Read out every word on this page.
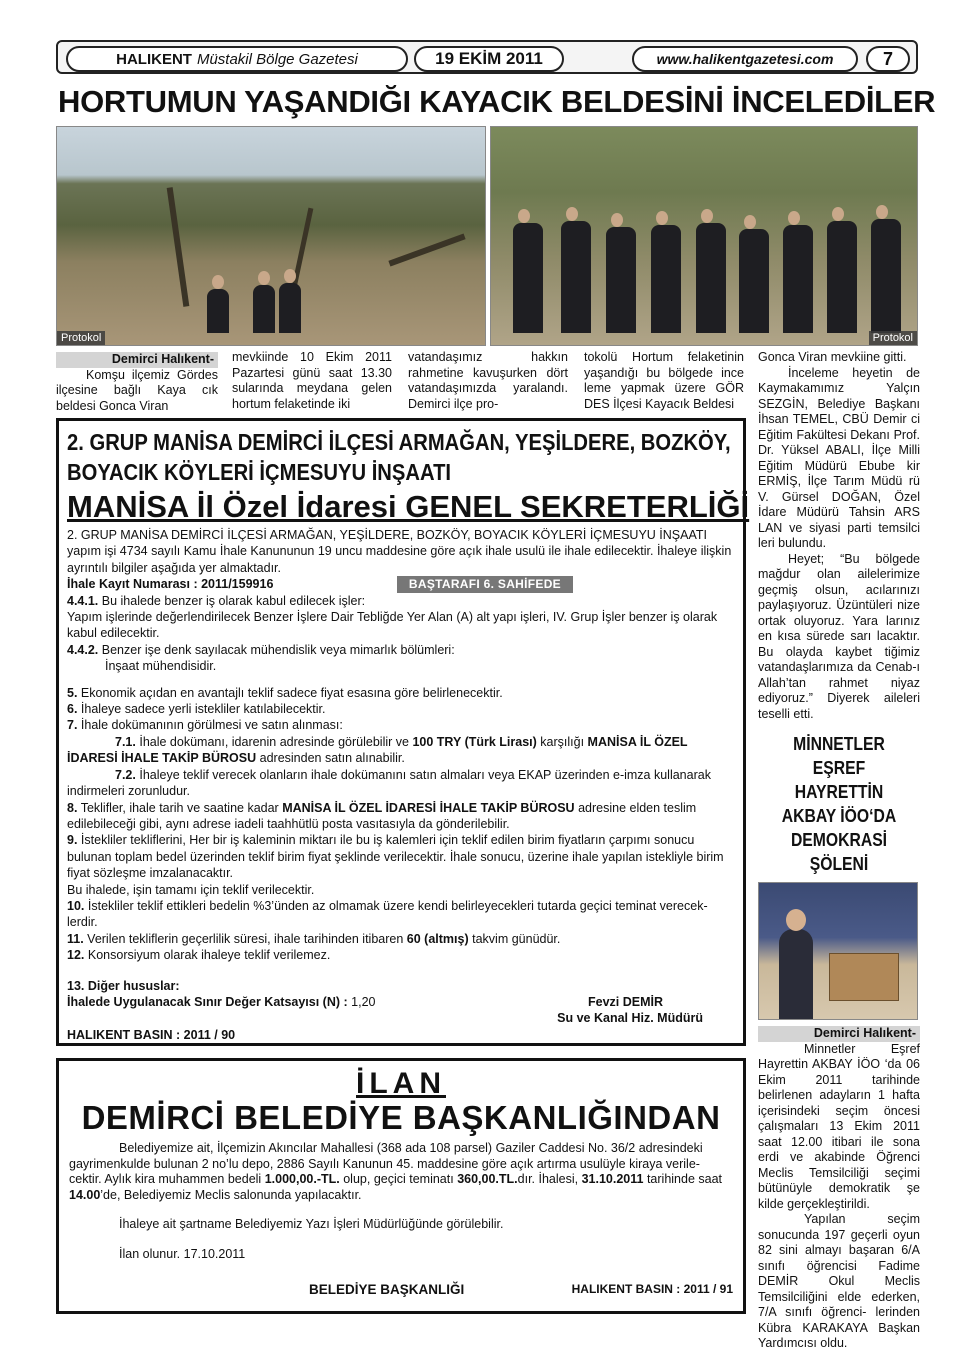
HALIKENT Müstakil Bölge Gazetesi	19 EKİM 2011	www.halikentgazetesi.com	7
HORTUMUN YAŞANDIĞI KAYACIK BELDESİNİ İNCELEDİLER
Protokol	Protokol
Demirci Halıkent-

Komşu ilçemiz Gördes ilçesine bağlı Kaya cık beldesi Gonca Viran

mevkiinde 10 Ekim 2011 Pazartesi günü saat 13.30 sularında meydana gelen hortum felaketinde iki

vatandaşımız hakkın rahmetine kavuşurken dört vatandaşımızda yaralandı. Demirci ilçe pro-

tokolü Hortum felaketinin yaşandığı bu bölgede ince leme yapmak üzere GÖR DES İlçesi Kayacık Beldesi

2. GRUP MANİSA DEMİRCİ İLÇESİ ARMAĞAN, YEŞİLDERE, BOZKÖY,
BOYACIK KÖYLERİ İÇMESUYU İNŞAATI
MANİSA İl Özel İdaresi GENEL SEKRETERLİĞİ

2. GRUP MANİSA DEMİRCİ İLÇESİ ARMAĞAN, YEŞİLDERE, BOZKÖY, BOYACIK KÖYLERİ İÇMESUYU İNŞAATI yapım işi 4734 sayılı Kamu İhale Kanununun 19 uncu maddesine göre açık ihale usulü ile ihale edilecektir. İhaleye ilişkin ayrıntılı bilgiler aşağıda yer almaktadır.

İhale Kayıt Numarası : 2011/159916	BAŞTARAFI 6. SAHİFEDE

4.4.1. Bu ihalede benzer iş olarak kabul edilecek işler:

Yapım işlerinde değerlendirilecek Benzer İşlere Dair Tebliğde Yer Alan (A) alt yapı işleri, IV. Grup İşler benzer iş olarak kabul edilecektir.

4.4.2. Benzer işe denk sayılacak mühendislik veya mimarlık bölümleri:

İnşaat mühendisidir.

5. Ekonomik açıdan en avantajlı teklif sadece fiyat esasına göre belirlenecektir.

6. İhaleye sadece yerli istekliler katılabilecektir.

7. İhale dokümanının görülmesi ve satın alınması:

7.1. İhale dokümanı, idarenin adresinde görülebilir ve 100 TRY (Türk Lirası) karşılığı MANİSA İL ÖZEL İDARESİ İHALE TAKİP BÜROSU adresinden satın alınabilir.

7.2. İhaleye teklif verecek olanların ihale dokümanını satın almaları veya EKAP üzerinden e-imza kullanarak indirmeleri zorunludur.

8. Teklifler, ihale tarih ve saatine kadar MANİSA İL ÖZEL İDARESİ İHALE TAKİP BÜROSU adresine elden teslim edilebileceği gibi, aynı adrese iadeli taahhütlü posta vasıtasıyla da gönderilebilir.

9. İstekliler tekliflerini, Her bir iş kaleminin miktarı ile bu iş kalemleri için teklif edilen birim fiyatların çarpımı sonucu bulunan toplam bedel üzerinden teklif birim fiyat şeklinde verilecektir. İhale sonucu, üzerine ihale yapılan istekliyle birim fiyat sözleşme imzalanacaktır.

Bu ihalede, işin tamamı için teklif verilecektir.

10. İstekliler teklif ettikleri bedelin %3’ünden az olmamak üzere kendi belirleyecekleri tutarda geçici teminat verecek- lerdir.

11. Verilen tekliflerin geçerlilik süresi, ihale tarihinden itibaren 60 (altmış) takvim günüdür.

12. Konsorsiyum olarak ihaleye teklif verilemez.

13. Diğer hususlar:

İhalede Uygulanacak Sınır Değer Katsayısı (N) : 1,20	Fevzi DEMİR
Su ve Kanal Hiz. Müdürü

HALIKENT BASIN : 2011 / 90

İLAN
DEMİRCİ BELEDİYE BAŞKANLIĞINDAN

Belediyemize ait, İlçemizin Akıncılar Mahallesi (368 ada 108 parsel) Gaziler Caddesi No. 36/2 adresindeki gayrimenkulde bulunan 2 no’lu depo, 2886 Sayılı Kanunun 45. maddesine göre açık artırma usulüyle kiraya verile- cektir. Aylık kira muhammen bedeli 1.000,00.-TL. olup, geçici teminatı 360,00.TL.dır. İhalesi, 31.10.2011 tarihinde saat 14.00’de, Belediyemiz Meclis salonunda yapılacaktır.

İhaleye ait şartname Belediyemiz Yazı İşleri Müdürlüğünde görülebilir.

İlan olunur. 17.10.2011

BELEDİYE BAŞKANLIĞI	HALIKENT BASIN : 2011 / 91

Gonca Viran mevkiine gitti.

İnceleme heyetin de Kaymakamımız Yalçın SEZGİN, Belediye Başkanı İhsan TEMEL, CBÜ Demir ci Eğitim Fakültesi Dekanı Prof. Dr. Yüksel ABALI, İlçe Milli Eğitim Müdürü Ebube kir ERMİŞ, İlçe Tarım Müdü rü V. Gürsel DOĞAN, Özel İdare Müdürü Tahsin ARS LAN ve siyasi parti temsilci leri bulundu.

Heyet; “Bu bölgede mağdur olan ailelerimize geçmiş olsun, acılarınızı paylaşıyoruz. Üzüntüleri nize ortak oluyoruz. Yara larınız en kısa sürede sarı lacaktır. Bu olayda kaybet tiğimiz vatandaşlarımıza da Cenab-ı Allah’tan rahmet niyaz ediyoruz.” Diyerek aileleri teselli etti.

MİNNETLER EŞREF HAYRETTİN AKBAY İÖO‘DA DEMOKRASİ ŞÖLENİ
Demirci Halıkent-

Minnetler Eşref Hayrettin AKBAY İÖO ‘da 06 Ekim 2011 tarihinde belirlenen adayların 1 hafta içerisindeki seçim öncesi çalışmaları 13 Ekim 2011 saat 12.00 itibari ile sona erdi ve akabinde Öğrenci Meclis Temsilciliği seçimi bütünüyle demokratik şe kilde gerçekleştirildi.

Yapılan seçim sonucunda 197 geçerli oyun 82 sini almayı başaran 6/A sınıfı öğrencisi Fadime DEMİR Okul Meclis Temsilciliğini elde ederken, 7/A sınıfı öğrenci- lerinden Kübra KARAKAYA Başkan Yardımcısı oldu.
